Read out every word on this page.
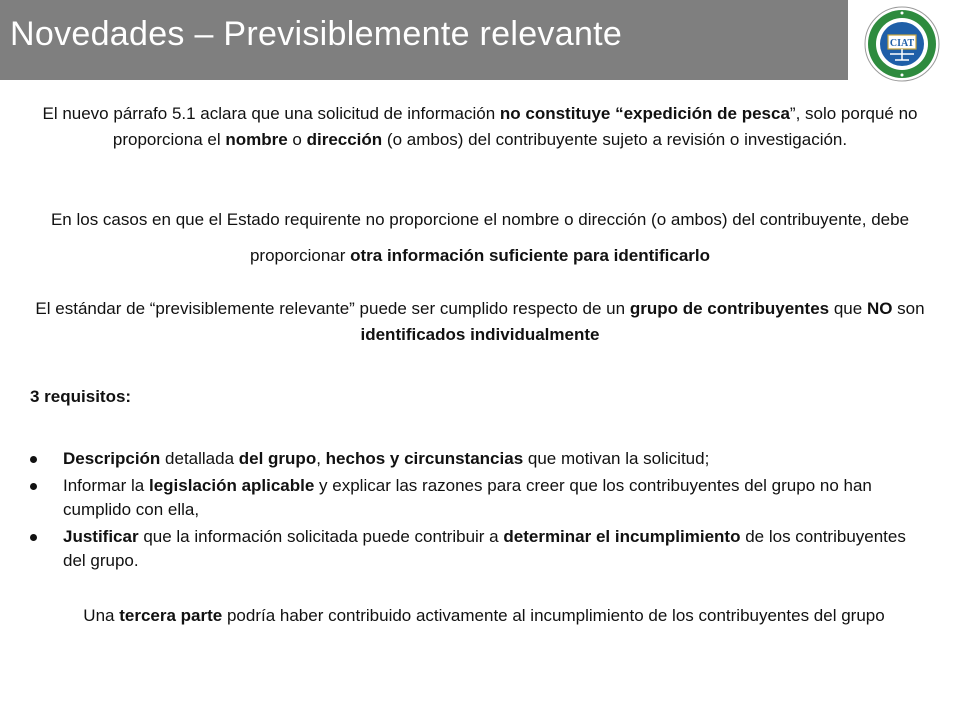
Novedades – Previsiblemente relevante	CIAT

El nuevo párrafo 5.1 aclara que una solicitud de información no constituye “expedición de pesca”, solo porqué no proporciona el nombre o dirección (o ambos) del contribuyente sujeto a revisión o investigación.

En los casos en que el Estado requirente no proporcione el nombre o dirección (o ambos) del contribuyente, debe proporcionar otra información suficiente para identificarlo

El estándar de “previsiblemente relevante” puede ser cumplido respecto de un grupo de contribuyentes que NO son identificados individualmente

3 requisitos:

Descripción detallada del grupo, hechos y circunstancias que motivan la solicitud;
Informar la legislación aplicable y explicar las razones para creer que los contribuyentes del grupo no han cumplido con ella,
Justificar que la información solicitada puede contribuir a determinar el incumplimiento de los contribuyentes del grupo.

Una tercera parte podría haber contribuido activamente al incumplimiento de los contribuyentes del grupo
